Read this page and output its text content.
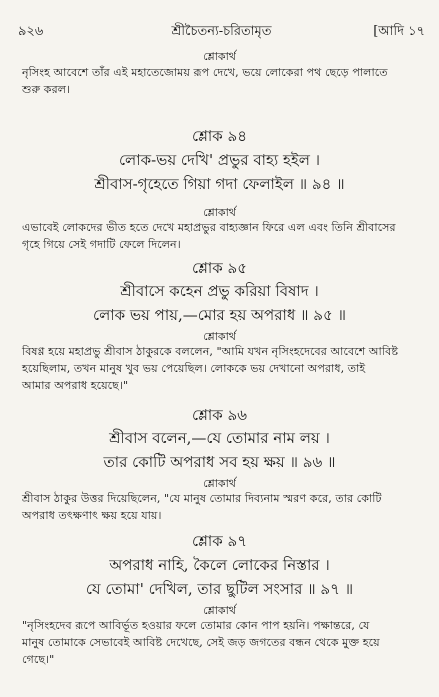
৯২৬	শ্রীচৈতন্য-চরিতামৃত	[আদি ১৭
শ্লোকার্থ
নৃসিংহ আবেশে তাঁর এই মহাতেজোময় রূপ দেখে, ভয়ে লোকেরা পথ ছেড়ে পালাতে
শুরু করল।
শ্লোক ৯৪
লোক-ভয় দেখি' প্রভুর বাহ্য হইল ।
শ্রীবাস-গৃহেতে গিয়া গদা ফেলাইল ॥ ৯৪ ॥
শ্লোকার্থ
এভাবেই লোকদের ভীত হতে দেখে মহাপ্রভুর বাহ্যজ্ঞান ফিরে এল এবং তিনি শ্রীবাসের
গৃহে গিয়ে সেই গদাটি ফেলে দিলেন।
শ্লোক ৯৫
শ্রীবাসে কহেন প্রভু করিয়া বিষাদ ।
লোক ভয় পায়,—মোর হয় অপরাধ ॥ ৯৫ ॥
শ্লোকার্থ
বিষণ্ণ হয়ে মহাপ্রভু শ্রীবাস ঠাকুরকে বললেন, "আমি যখন নৃসিংহদেবের আবেশে আবিষ্ট
হয়েছিলাম, তখন মানুষ খুব ভয় পেয়েছিল। লোককে ভয় দেখানো অপরাধ, তাই
আমার অপরাধ হয়েছে।"
শ্লোক ৯৬
শ্রীবাস বলেন,—যে তোমার নাম লয় ।
তার কোটি অপরাধ সব হয় ক্ষয় ॥ ৯৬ ॥
শ্লোকার্থ
শ্রীবাস ঠাকুর উত্তর দিয়েছিলেন, "যে মানুষ তোমার দিব্যনাম স্মরণ করে, তার কোটি
অপরাধ তৎক্ষণাৎ ক্ষয় হয়ে যায়।
শ্লোক ৯৭
অপরাধ নাহি, কৈলে লোকের নিস্তার ।
যে তোমা' দেখিল, তার ছুটিল সংসার ॥ ৯৭ ॥
শ্লোকার্থ
"নৃসিংহদেব রূপে আবির্ভূত হওয়ার ফলে তোমার কোন পাপ হয়নি। পক্ষান্তরে, যে
মানুষ তোমাকে সেভাবেই আবিষ্ট দেখেছে, সেই জড় জগতের বন্ধন থেকে মুক্ত হয়ে
গেছে।"
